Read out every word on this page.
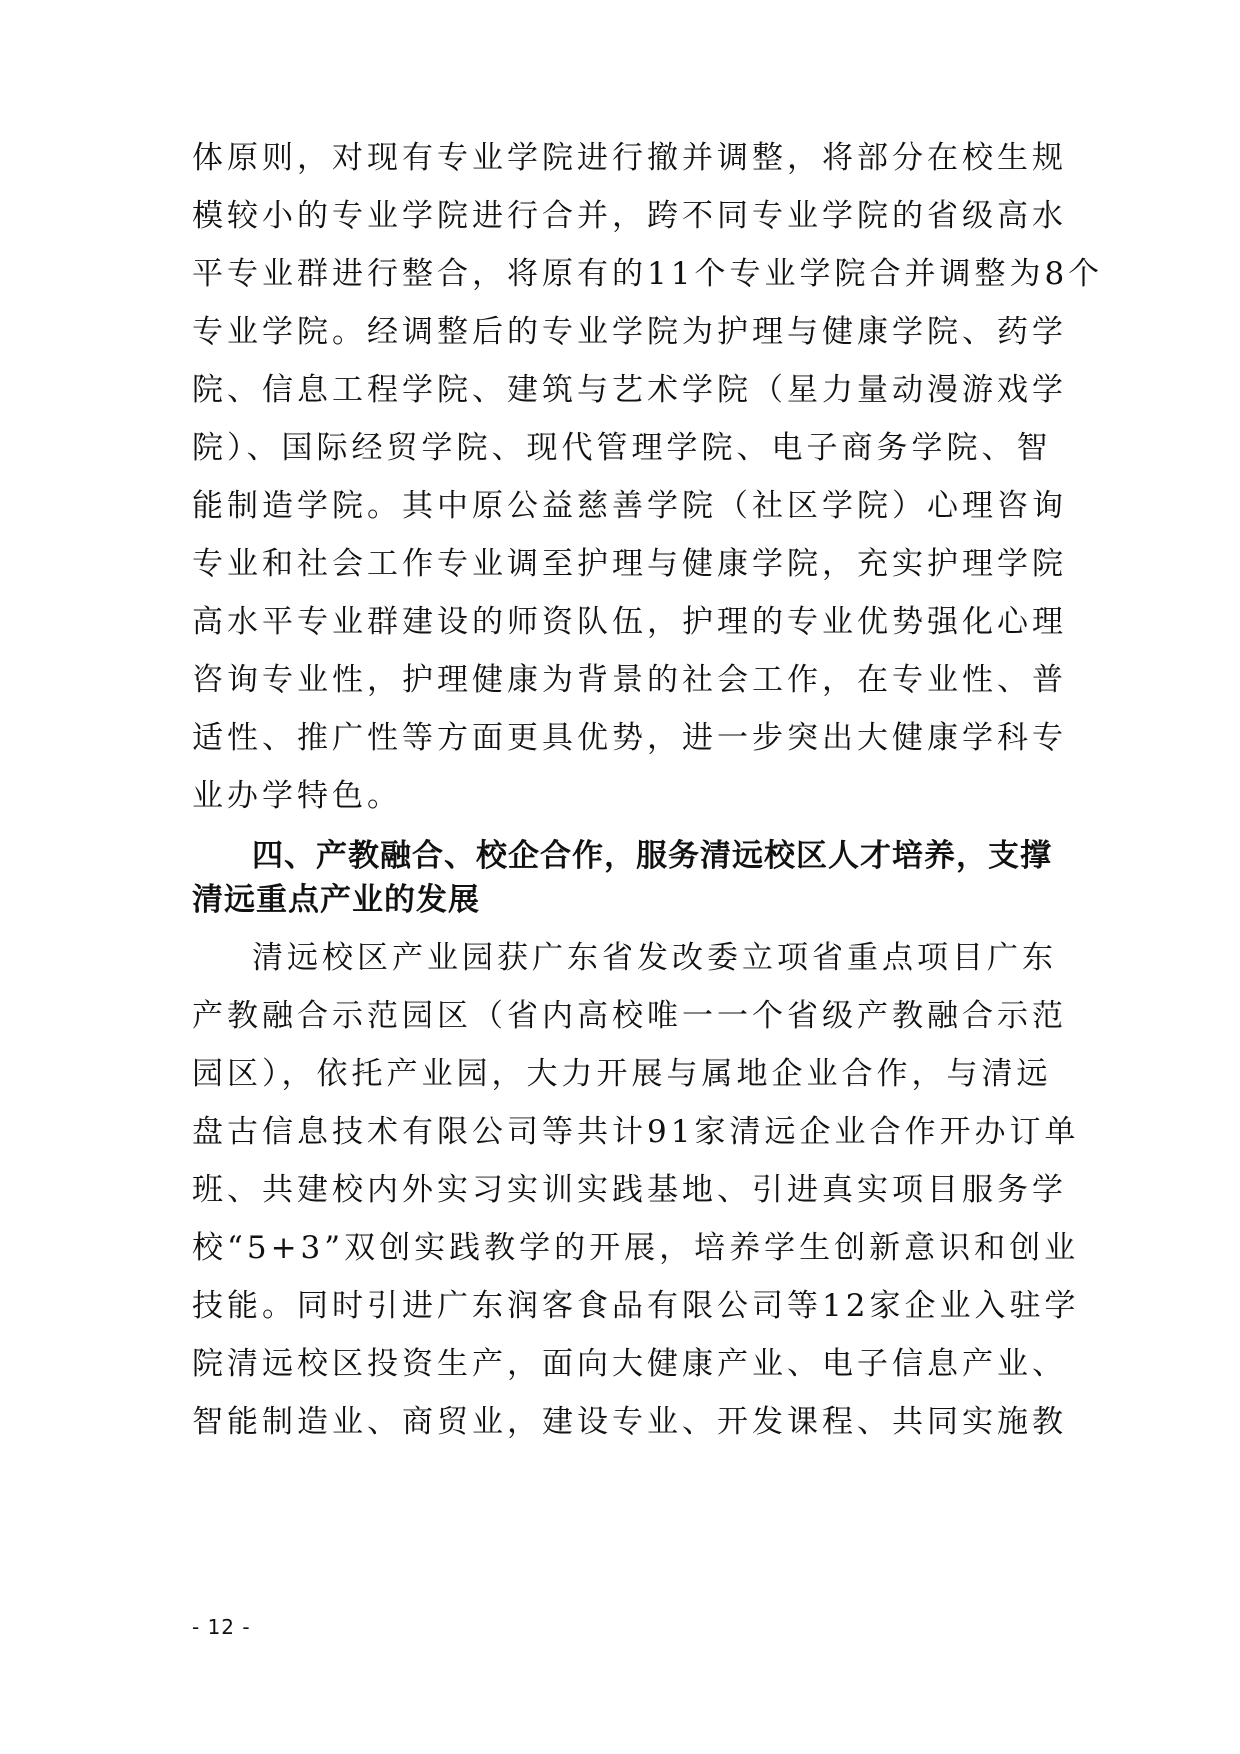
体原则，对现有专业学院进行撤并调整，将部分在校生规
模较小的专业学院进行合并，跨不同专业学院的省级高水
平专业群进行整合，将原有的11个专业学院合并调整为8个
专业学院。经调整后的专业学院为护理与健康学院、药学
院、信息工程学院、建筑与艺术学院（星力量动漫游戏学
院）、国际经贸学院、现代管理学院、电子商务学院、智
能制造学院。其中原公益慈善学院（社区学院）心理咨询
专业和社会工作专业调至护理与健康学院，充实护理学院
高水平专业群建设的师资队伍，护理的专业优势强化心理
咨询专业性，护理健康为背景的社会工作，在专业性、普
适性、推广性等方面更具优势，进一步突出大健康学科专
业办学特色。
四、产教融合、校企合作，服务清远校区人才培养，支撑
清远重点产业的发展
清远校区产业园获广东省发改委立项省重点项目广东
产教融合示范园区（省内高校唯一一个省级产教融合示范
园区），依托产业园，大力开展与属地企业合作，与清远
盘古信息技术有限公司等共计91家清远企业合作开办订单
班、共建校内外实习实训实践基地、引进真实项目服务学
校“5+3”双创实践教学的开展，培养学生创新意识和创业
技能。同时引进广东润客食品有限公司等12家企业入驻学
院清远校区投资生产，面向大健康产业、电子信息产业、
智能制造业、商贸业，建设专业、开发课程、共同实施教
- 12 -
